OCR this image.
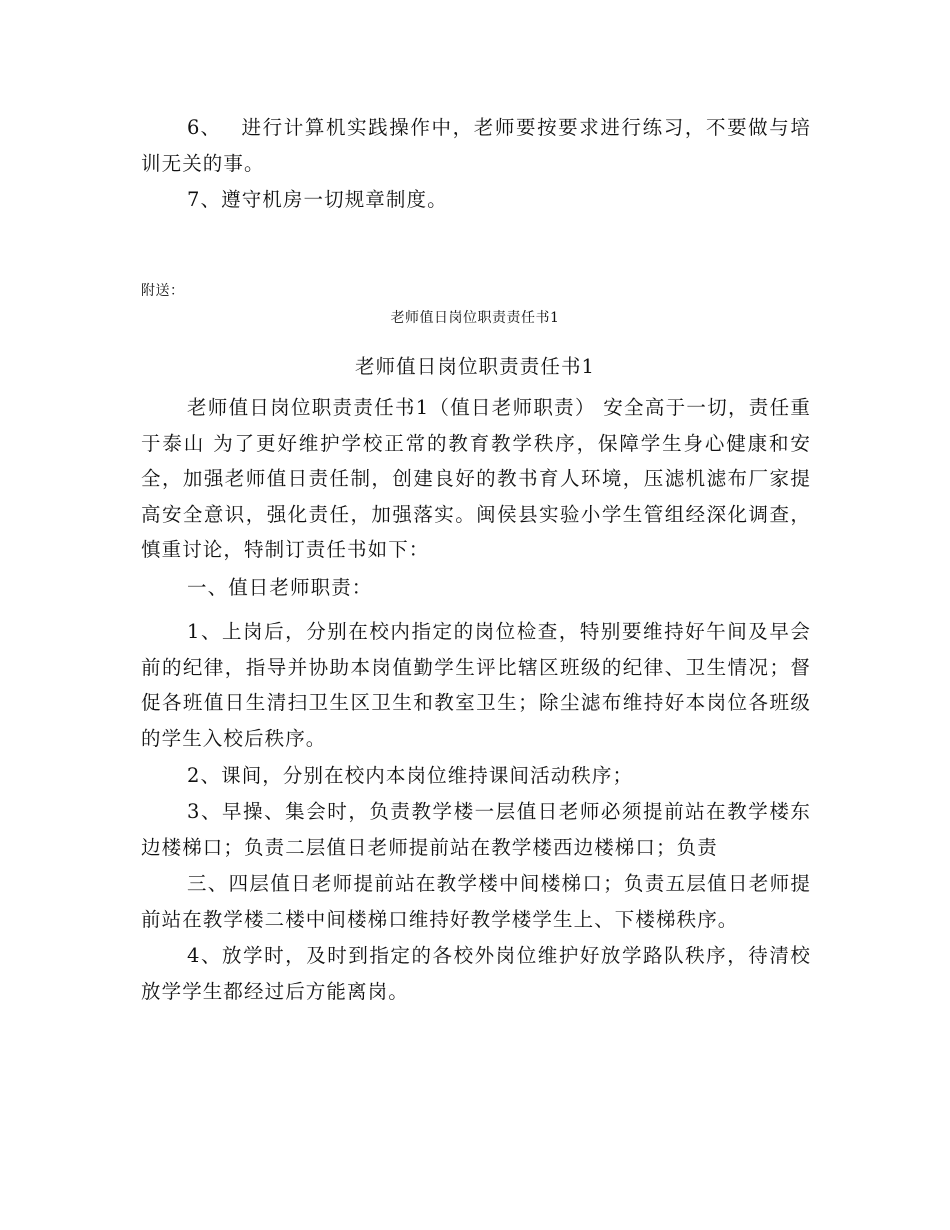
6、 进行计算机实践操作中，老师要按要求进行练习，不要做与培训无关的事。

7、遵守机房一切规章制度。

附送：

老师值日岗位职责责任书1

老师值日岗位职责责任书1

老师值日岗位职责责任书1（值日老师职责） 安全高于一切，责任重于泰山 为了更好维护学校正常的教育教学秩序，保障学生身心健康和安全，加强老师值日责任制，创建良好的教书育人环境，压滤机滤布厂家提高安全意识，强化责任，加强落实。闽侯县实验小学生管组经深化调查，慎重讨论，特制订责任书如下：

一、值日老师职责：

1、上岗后，分别在校内指定的岗位检查，特别要维持好午间及早会前的纪律，指导并协助本岗值勤学生评比辖区班级的纪律、卫生情况；督促各班值日生清扫卫生区卫生和教室卫生；除尘滤布维持好本岗位各班级的学生入校后秩序。

2、课间，分别在校内本岗位维持课间活动秩序；

3、早操、集会时，负责教学楼一层值日老师必须提前站在教学楼东边楼梯口；负责二层值日老师提前站在教学楼西边楼梯口；负责

三、四层值日老师提前站在教学楼中间楼梯口；负责五层值日老师提前站在教学楼二楼中间楼梯口维持好教学楼学生上、下楼梯秩序。

4、放学时，及时到指定的各校外岗位维护好放学路队秩序，待清校放学学生都经过后方能离岗。
